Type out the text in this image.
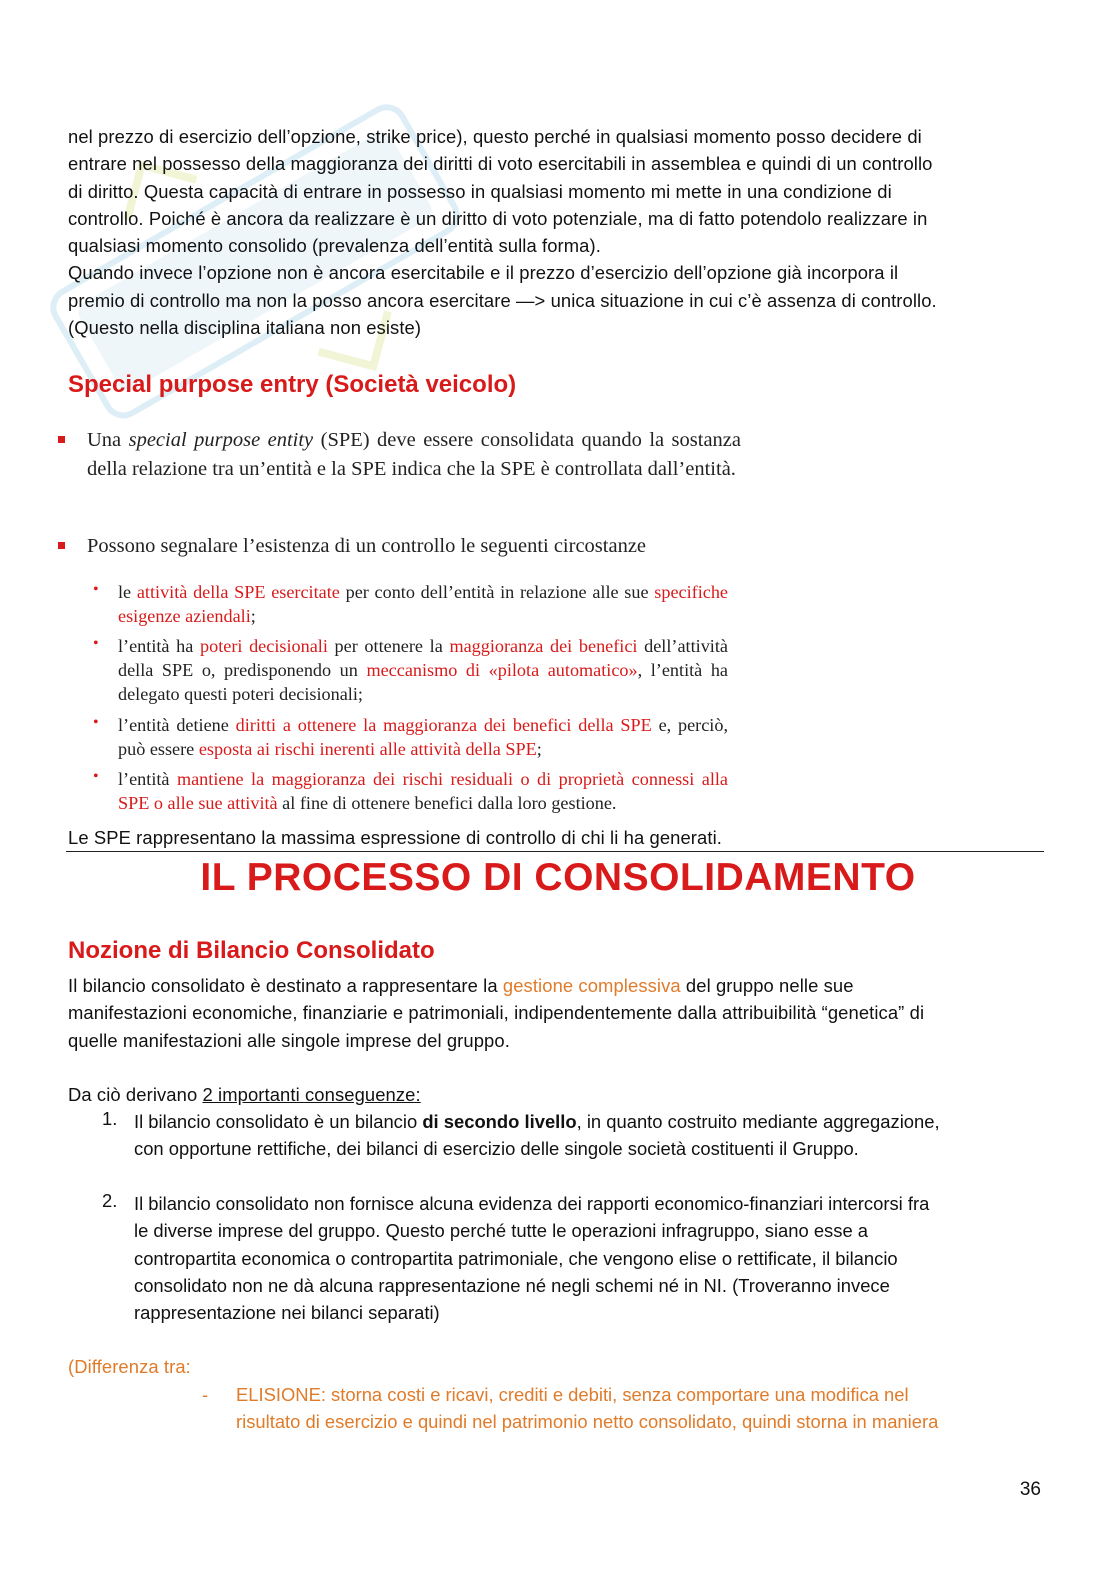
nel prezzo di esercizio dell’opzione, strike price), questo perché in qualsiasi momento posso decidere di
entrare nel possesso della maggioranza dei diritti di voto esercitabili in assemblea e quindi di un controllo
di diritto. Questa capacità di entrare in possesso in qualsiasi momento mi mette in una condizione di
controllo. Poiché è ancora da realizzare è un diritto di voto potenziale, ma di fatto potendolo realizzare in
qualsiasi momento consolido (prevalenza dell’entità sulla forma).
Quando invece l’opzione non è ancora esercitabile e il prezzo d’esercizio dell’opzione già incorpora il
premio di controllo ma non la posso ancora esercitare —> unica situazione in cui c’è assenza di controllo.
(Questo nella disciplina italiana non esiste)
Special purpose entry (Società veicolo)
Una special purpose entity (SPE) deve essere consolidata quando la sostanza della relazione tra un’entità e la SPE indica che la SPE è controllata dall’entità.
Possono segnalare l’esistenza di un controllo le seguenti circostanze
• le attività della SPE esercitate per conto dell’entità in relazione alle sue specifiche esigenze aziendali;
• l’entità ha poteri decisionali per ottenere la maggioranza dei benefici dell’attività della SPE o, predisponendo un meccanismo di «pilota automatico», l’entità ha delegato questi poteri decisionali;
• l’entità detiene diritti a ottenere la maggioranza dei benefici della SPE e, perciò, può essere esposta ai rischi inerenti alle attività della SPE;
• l’entità mantiene la maggioranza dei rischi residuali o di proprietà connessi alla SPE o alle sue attività al fine di ottenere benefici dalla loro gestione.
Le SPE rappresentano la massima espressione di controllo di chi li ha generati.
IL PROCESSO DI CONSOLIDAMENTO
Nozione di Bilancio Consolidato
Il bilancio consolidato è destinato a rappresentare la gestione complessiva del gruppo nelle sue
manifestazioni economiche, finanziarie e patrimoniali, indipendentemente dalla attribuibilità “genetica” di
quelle manifestazioni alle singole imprese del gruppo.
Da ciò derivano 2 importanti conseguenze:
1. Il bilancio consolidato è un bilancio di secondo livello, in quanto costruito mediante aggregazione,
con opportune rettifiche, dei bilanci di esercizio delle singole società costituenti il Gruppo.
2. Il bilancio consolidato non fornisce alcuna evidenza dei rapporti economico-finanziari intercorsi fra
le diverse imprese del gruppo. Questo perché tutte le operazioni infragruppo, siano esse a
contropartita economica o contropartita patrimoniale, che vengono elise o rettificate, il bilancio
consolidato non ne dà alcuna rappresentazione né negli schemi né in NI. (Troveranno invece
rappresentazione nei bilanci separati)
(Differenza tra:
-	ELISIONE: storna costi e ricavi, crediti e debiti, senza comportare una modifica nel
risultato di esercizio e quindi nel patrimonio netto consolidato, quindi storna in maniera
36
